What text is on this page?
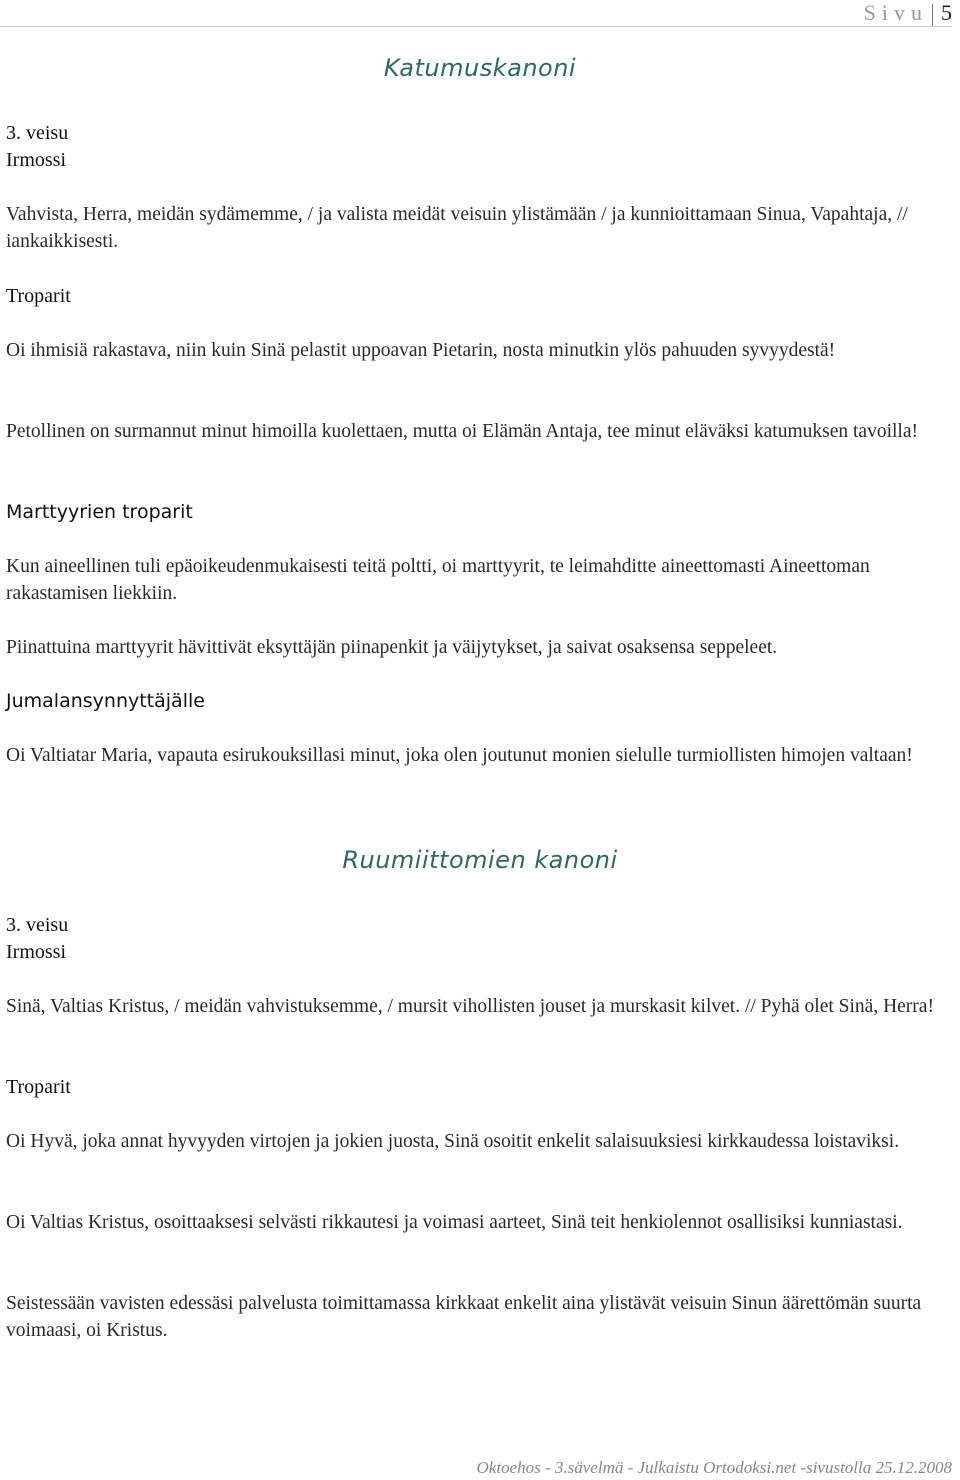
Sivu 5
Katumuskanoni
3. veisu
Irmossi
Vahvista, Herra, meidän sydämemme, / ja valista meidät veisuin ylistämään / ja kunnioittamaan Sinua, Vapahtaja, // iankaikkisesti.
Troparit
Oi ihmisiä rakastava, niin kuin Sinä pelastit uppoavan Pietarin, nosta minutkin ylös pahuuden syvyydestä!
Petollinen on surmannut minut himoilla kuolettaen, mutta oi Elämän Antaja, tee minut eläväksi katumuksen tavoilla!
Marttyyrien troparit
Kun aineellinen tuli epäoikeudenmukaisesti teitä poltti, oi marttyyrit, te leimahditte aineettomasti Aineettoman rakastamisen liekkiin.
Piinattuina marttyyrit hävittivät eksyttäjän piinapenkit ja väijytykset, ja saivat osaksensa seppeleet.
Jumalansynnyttäjälle
Oi Valtiatar Maria, vapauta esirukouksillasi minut, joka olen joutunut monien sielulle turmiollisten himojen valtaan!
Ruumiittomien kanoni
3. veisu
Irmossi
Sinä, Valtias Kristus, / meidän vahvistuksemme, / mursit vihollisten jouset ja murskasit kilvet. // Pyhä olet Sinä, Herra!
Troparit
Oi Hyvä, joka annat hyvyyden virtojen ja jokien juosta, Sinä osoitit enkelit salaisuuksiesi kirkkaudessa loistaviksi.
Oi Valtias Kristus, osoittaaksesi selvästi rikkautesi ja voimasi aarteet, Sinä teit henkiolennot osallisiksi kunniastasi.
Seistessään vavisten edessäsi palvelusta toimittamassa kirkkaat enkelit aina ylistävät veisuin Sinun äärettömän suurta voimaasi, oi Kristus.
Oktoehos - 3.sävelmä - Julkaistu Ortodoksi.net -sivustolla 25.12.2008
